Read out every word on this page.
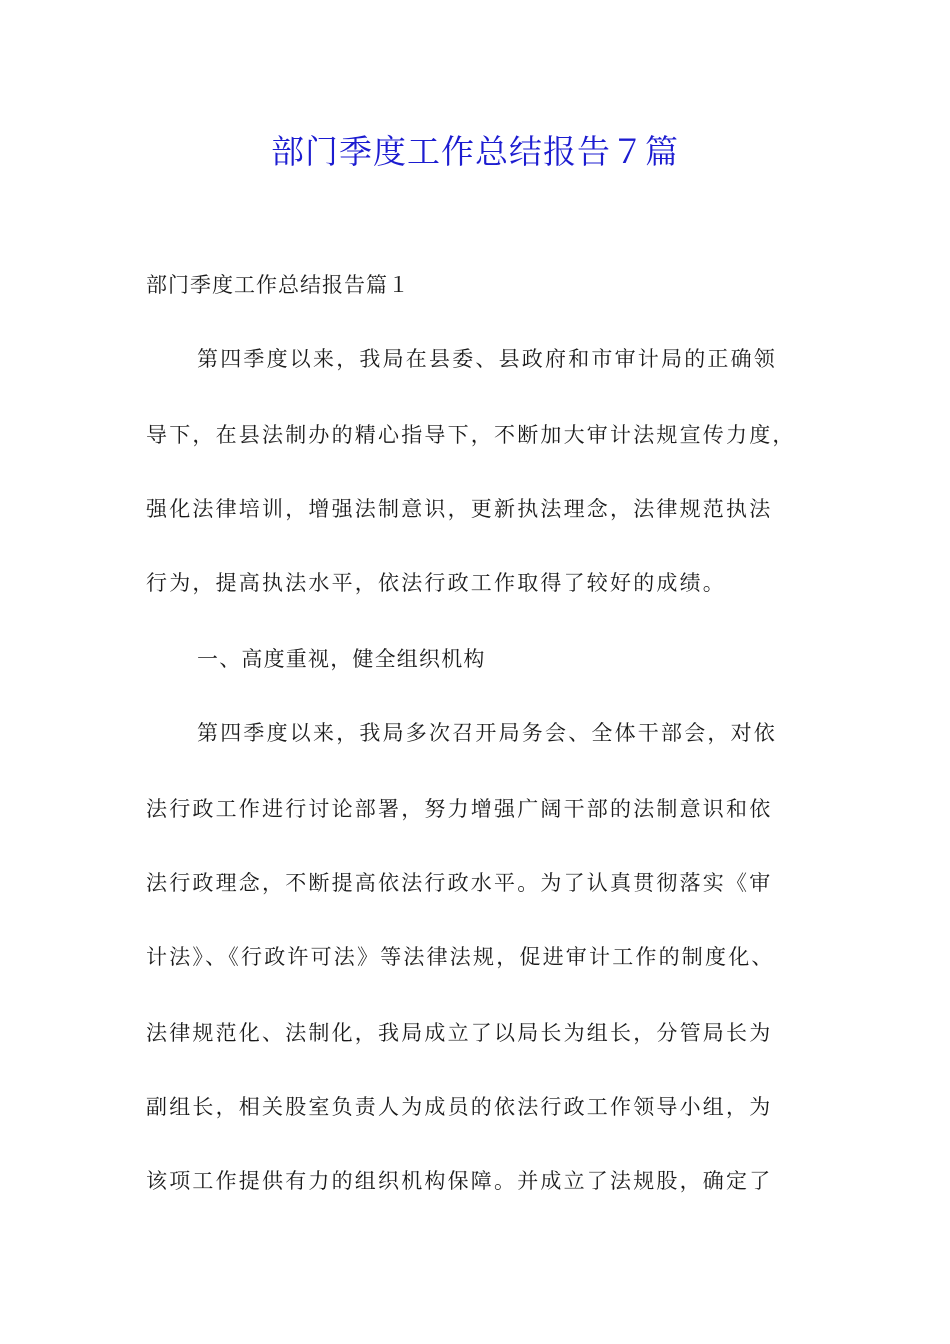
部门季度工作总结报告７篇
部门季度工作总结报告篇１
第四季度以来，我局在县委、县政府和市审计局的正确领
导下，在县法制办的精心指导下，不断加大审计法规宣传力度，
强化法律培训，增强法制意识，更新执法理念，法律规范执法
行为，提高执法水平，依法行政工作取得了较好的成绩。
一、高度重视，健全组织机构
第四季度以来，我局多次召开局务会、全体干部会，对依
法行政工作进行讨论部署，努力增强广阔干部的法制意识和依
法行政理念，不断提高依法行政水平。为了认真贯彻落实《审
计法》、《行政许可法》等法律法规，促进审计工作的制度化、
法律规范化、法制化，我局成立了以局长为组长，分管局长为
副组长，相关股室负责人为成员的依法行政工作领导小组，为
该项工作提供有力的组织机构保障。并成立了法规股，确定了
